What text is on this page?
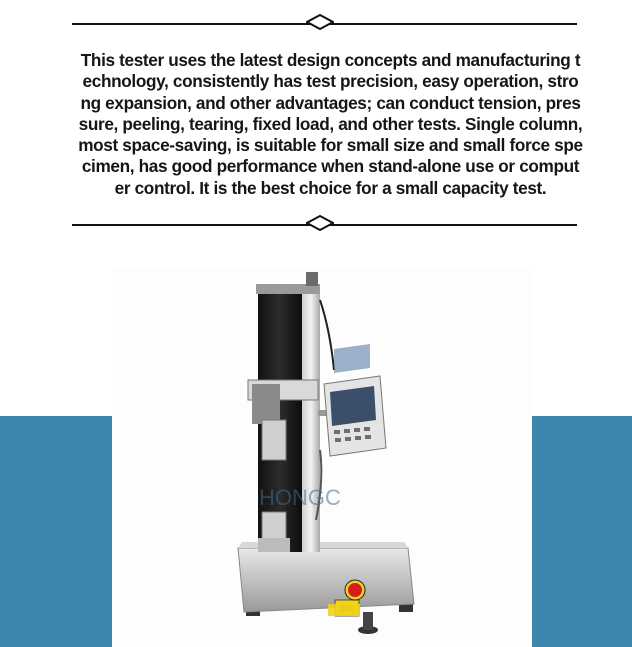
This tester uses the latest design concepts and manufacturing technology, consistently has test precision, easy operation, strong expansion, and other advantages; can conduct tension, pressure, peeling, tearing, fixed load, and other tests. Single column, most space-saving, is suitable for small size and small force specimen, has good performance when stand-alone use or computer control. It is the best choice for a small capacity test.
HONGC
